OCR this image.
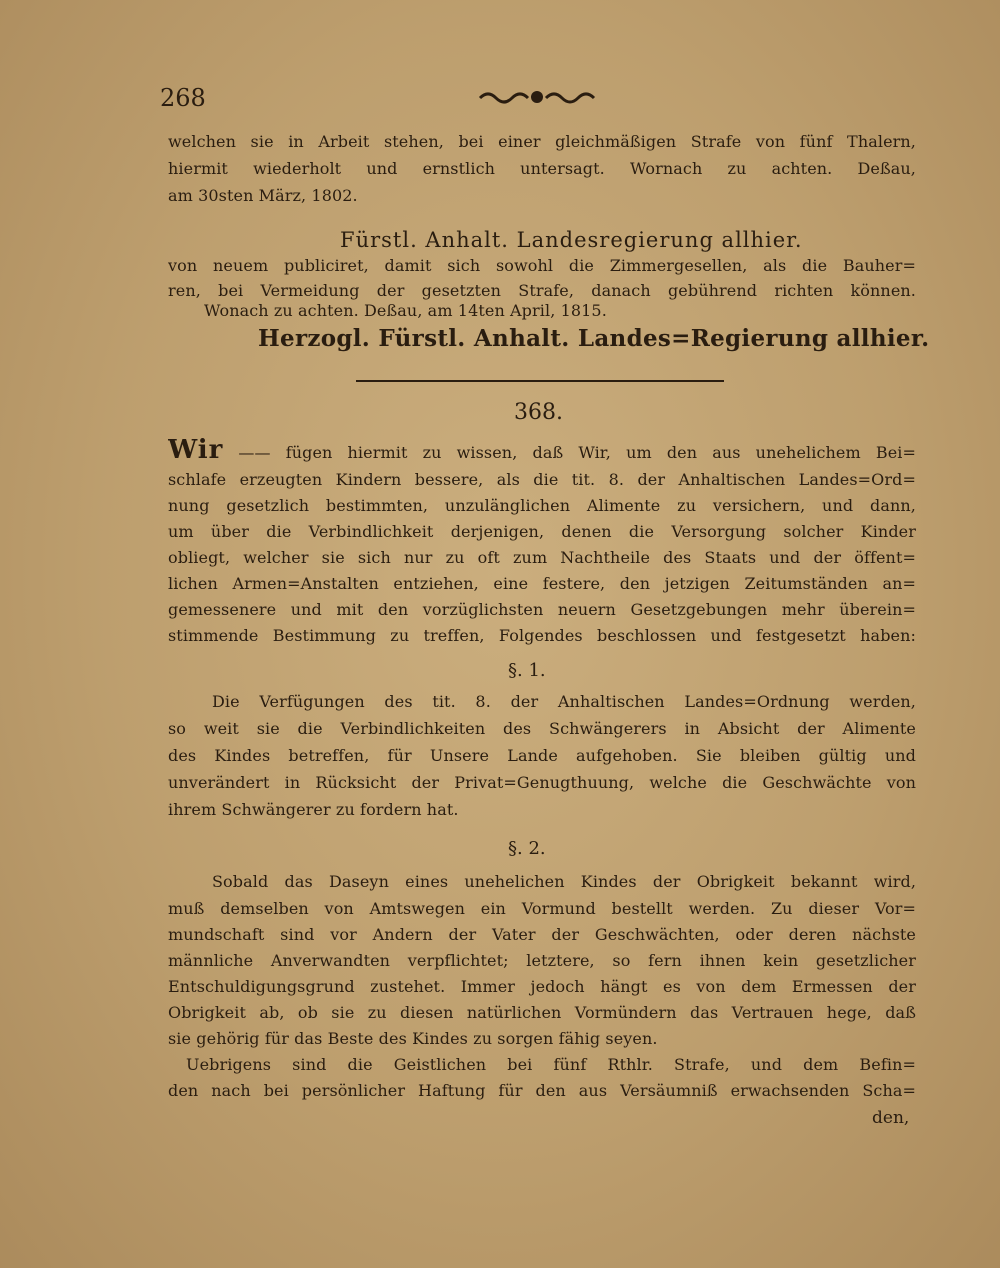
268
welchen sie in Arbeit stehen, bei einer gleichmäßigen Strafe von fünf Thalern,
hiermit wiederholt und ernstlich untersagt. Wornach zu achten. Deßau,
am 30sten März, 1802.
Fürstl. Anhalt. Landesregierung allhier.
von neuem publiciret, damit sich sowohl die Zimmergesellen, als die Bauher=
ren, bei Vermeidung der gesetzten Strafe, danach gebührend richten können.
Wonach zu achten. Deßau, am 14ten April, 1815.
Herzogl. Fürstl. Anhalt. Landes=Regierung allhier.
368.
Wir —— fügen hiermit zu wissen, daß Wir, um den aus unehelichem Bei=
schlafe erzeugten Kindern bessere, als die tit. 8. der Anhaltischen Landes=Ord=
nung gesetzlich bestimmten, unzulänglichen Alimente zu versichern, und dann,
um über die Verbindlichkeit derjenigen, denen die Versorgung solcher Kinder
obliegt, welcher sie sich nur zu oft zum Nachtheile des Staats und der öffent=
lichen Armen=Anstalten entziehen, eine festere, den jetzigen Zeitumständen an=
gemessenere und mit den vorzüglichsten neuern Gesetzgebungen mehr überein=
stimmende Bestimmung zu treffen, Folgendes beschlossen und festgesetzt haben:
§. 1.
Die Verfügungen des tit. 8. der Anhaltischen Landes=Ordnung werden,
so weit sie die Verbindlichkeiten des Schwängerers in Absicht der Alimente
des Kindes betreffen, für Unsere Lande aufgehoben. Sie bleiben gültig und
unverändert in Rücksicht der Privat=Genugthuung, welche die Geschwächte von
ihrem Schwängerer zu fordern hat.
§. 2.
Sobald das Daseyn eines unehelichen Kindes der Obrigkeit bekannt wird,
muß demselben von Amtswegen ein Vormund bestellt werden. Zu dieser Vor=
mundschaft sind vor Andern der Vater der Geschwächten, oder deren nächste
männliche Anverwandten verpflichtet; letztere, so fern ihnen kein gesetzlicher
Entschuldigungsgrund zustehet. Immer jedoch hängt es von dem Ermessen der
Obrigkeit ab, ob sie zu diesen natürlichen Vormündern das Vertrauen hege, daß
sie gehörig für das Beste des Kindes zu sorgen fähig seyen.
Uebrigens sind die Geistlichen bei fünf Rthlr. Strafe, und dem Befin=
den nach bei persönlicher Haftung für den aus Versäumniß erwachsenden Scha=
den,
